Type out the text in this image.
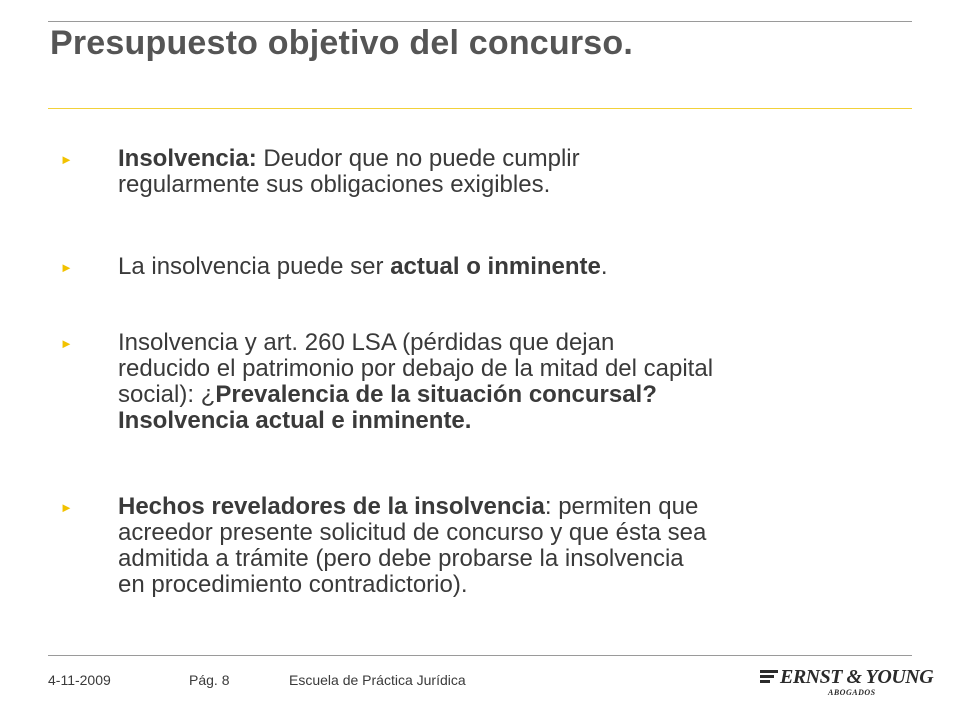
Presupuesto objetivo del concurso.
► Insolvencia: Deudor que no puede cumplir
regularmente sus obligaciones exigibles.
► La insolvencia puede ser actual o inminente.
► Insolvencia y art. 260 LSA (pérdidas que dejan
reducido el patrimonio por debajo de la mitad del capital
social): ¿Prevalencia de la situación concursal?
Insolvencia actual e inminente.
► Hechos reveladores de la insolvencia: permiten que
acreedor presente solicitud de concurso y que ésta sea
admitida a trámite (pero debe probarse la insolvencia
en procedimiento contradictorio).
4-11-2009	Pág. 8	Escuela de Práctica Jurídica	ERNST & YOUNG
ABOGADOS
